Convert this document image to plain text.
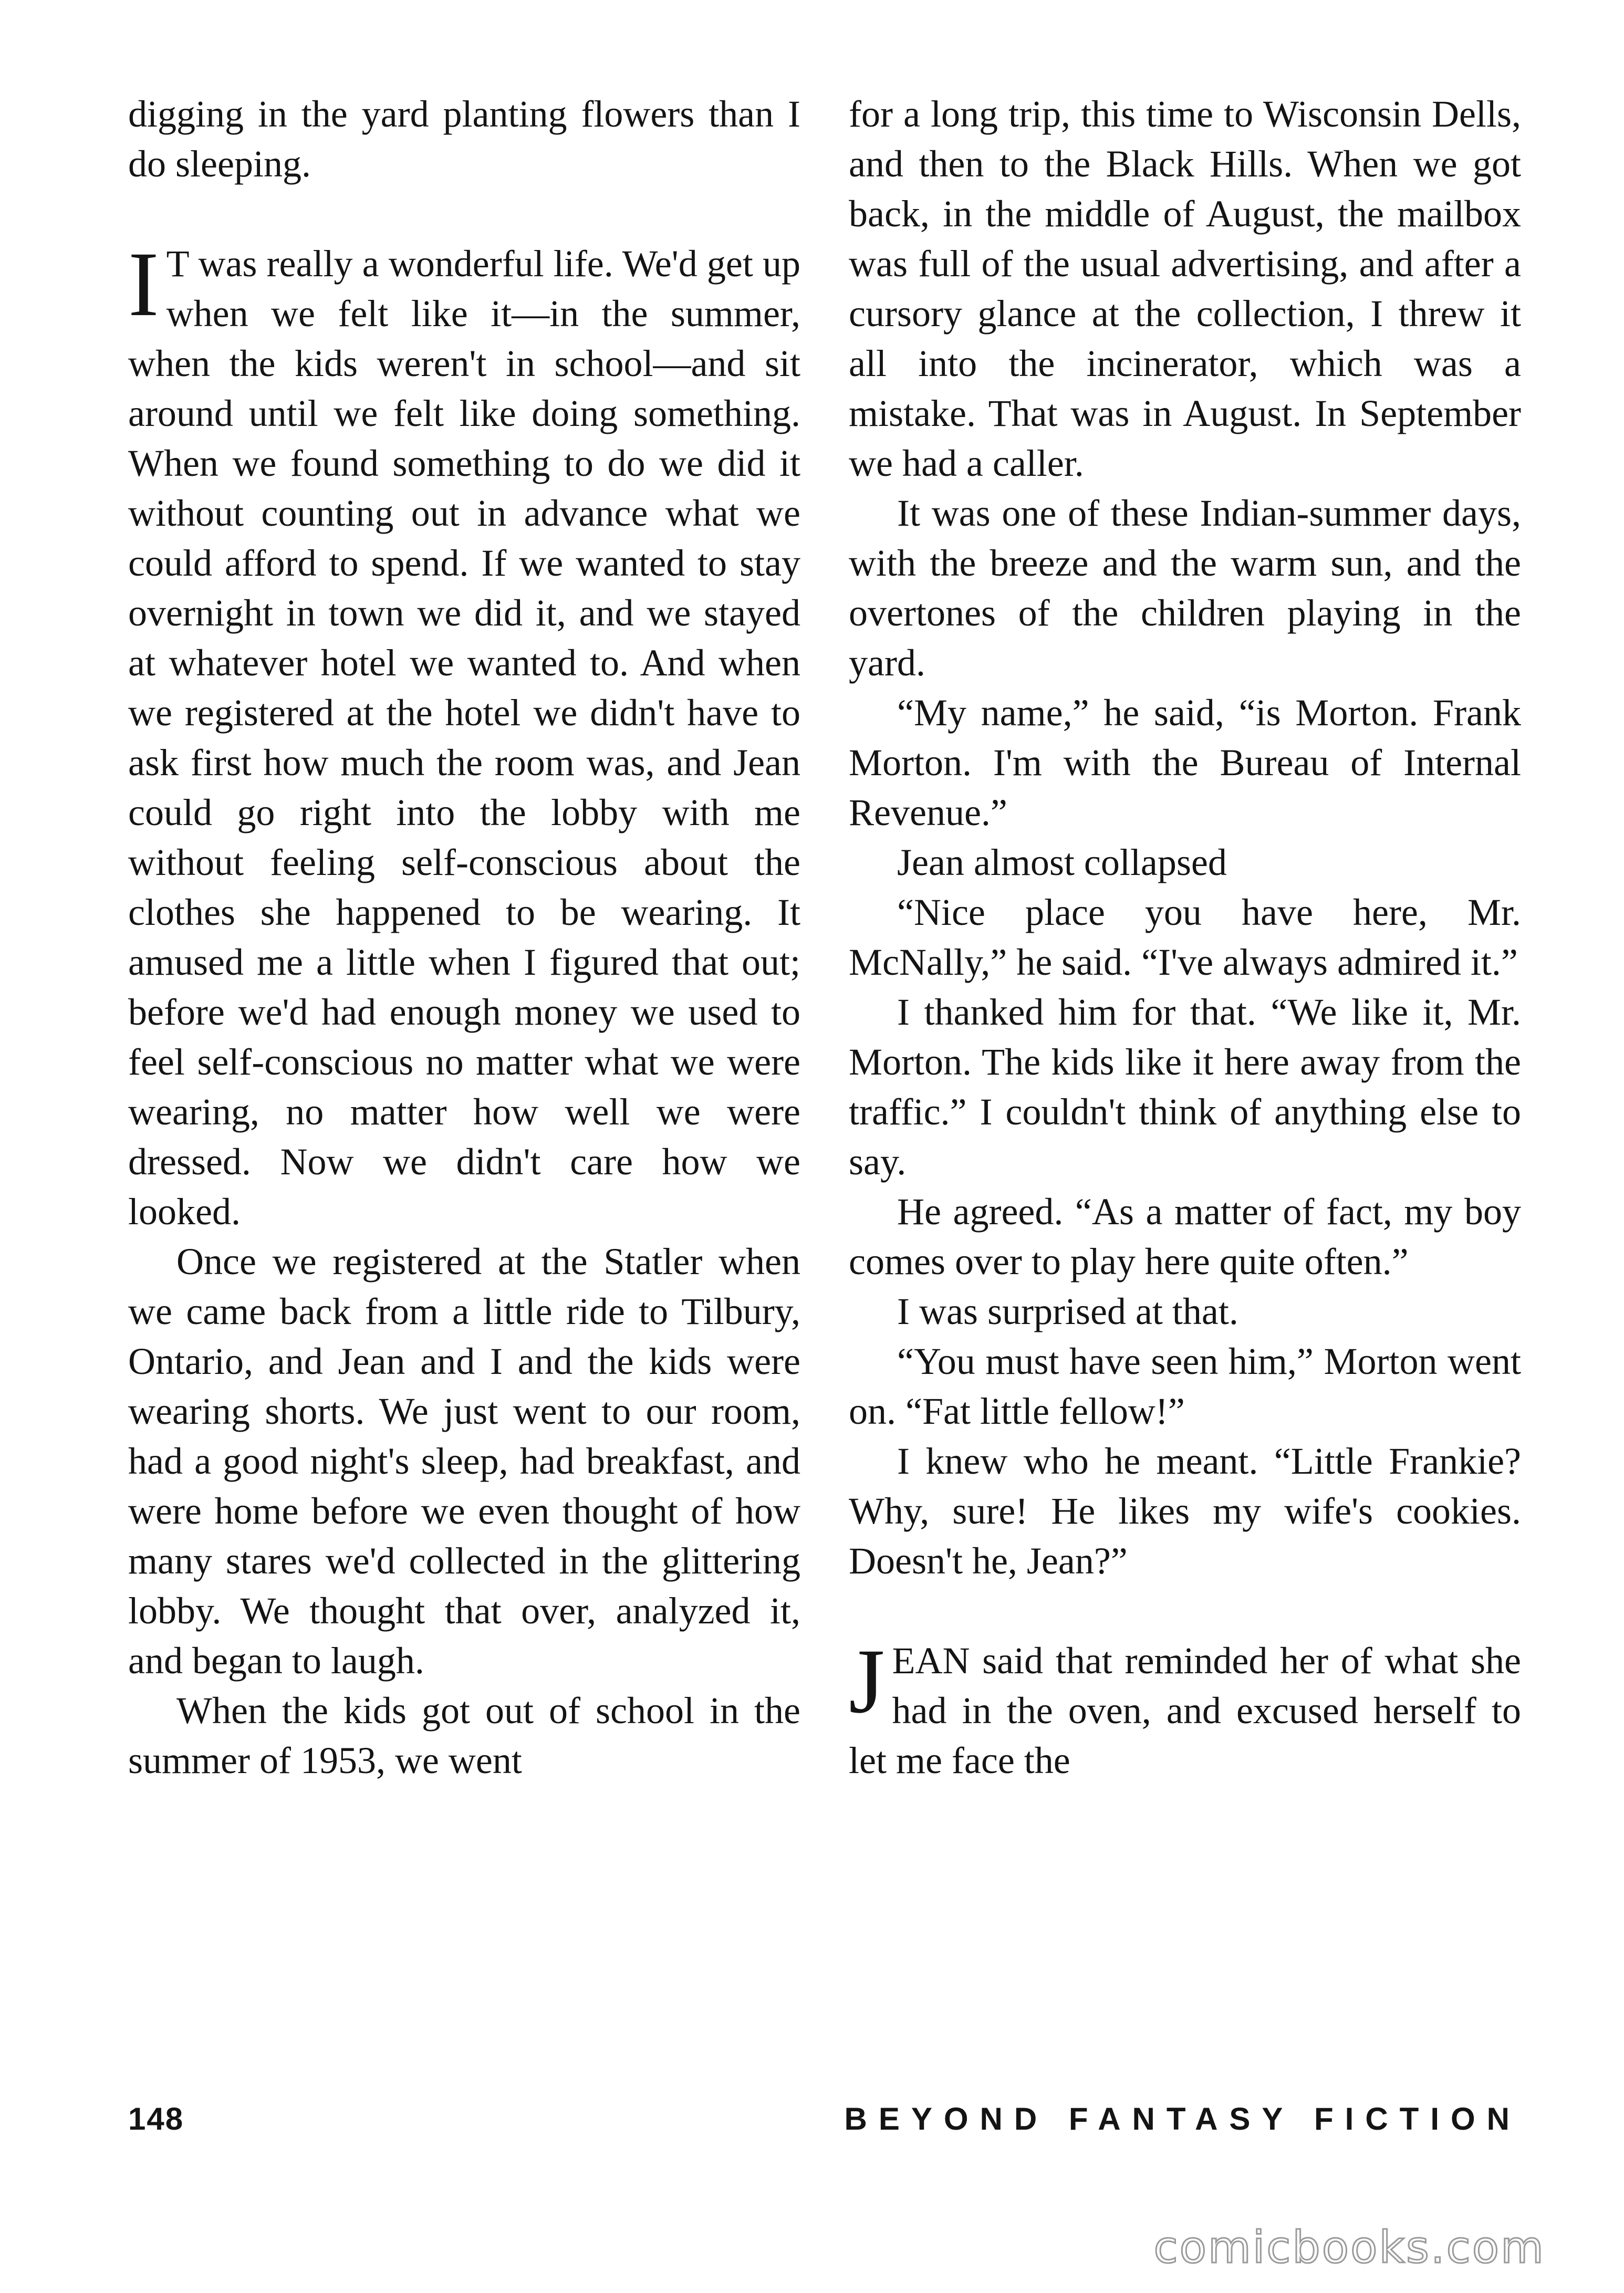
digging in the yard planting flowers than I do sleeping.

I T was really a wonderful life. We'd get up when we felt like it—in the summer, when the kids weren't in school—and sit around until we felt like doing something. When we found something to do we did it without counting out in advance what we could afford to spend. If we wanted to stay overnight in town we did it, and we stayed at whatever hotel we wanted to. And when we registered at the hotel we didn't have to ask first how much the room was, and Jean could go right into the lobby with me without feeling self-conscious about the clothes she happened to be wearing. It amused me a little when I figured that out; before we'd had enough money we used to feel self-conscious no matter what we were wearing, no matter how well we were dressed. Now we didn't care how we looked.

Once we registered at the Statler when we came back from a little ride to Tilbury, Ontario, and Jean and I and the kids were wearing shorts. We just went to our room, had a good night's sleep, had breakfast, and were home before we even thought of how many stares we'd collected in the glittering lobby. We thought that over, analyzed it, and began to laugh.

When the kids got out of school in the summer of 1953, we went

for a long trip, this time to Wisconsin Dells, and then to the Black Hills. When we got back, in the middle of August, the mailbox was full of the usual advertising, and after a cursory glance at the collection, I threw it all into the incinerator, which was a mistake. That was in August. In September we had a caller.

It was one of these Indian-summer days, with the breeze and the warm sun, and the overtones of the children playing in the yard.

“My name,” he said, “is Morton. Frank Morton. I'm with the Bureau of Internal Revenue.”

Jean almost collapsed

“Nice place you have here, Mr. McNally,” he said. “I've always admired it.”

I thanked him for that. “We like it, Mr. Morton. The kids like it here away from the traffic.” I couldn't think of anything else to say.

He agreed. “As a matter of fact, my boy comes over to play here quite often.”

I was surprised at that.

“You must have seen him,” Morton went on. “Fat little fellow!”

I knew who he meant. “Little Frankie? Why, sure! He likes my wife's cookies. Doesn't he, Jean?”

JEAN said that reminded her of what she had in the oven, and excused herself to let me face the

148	BEYOND FANTASY FICTION
comicbooks.com
